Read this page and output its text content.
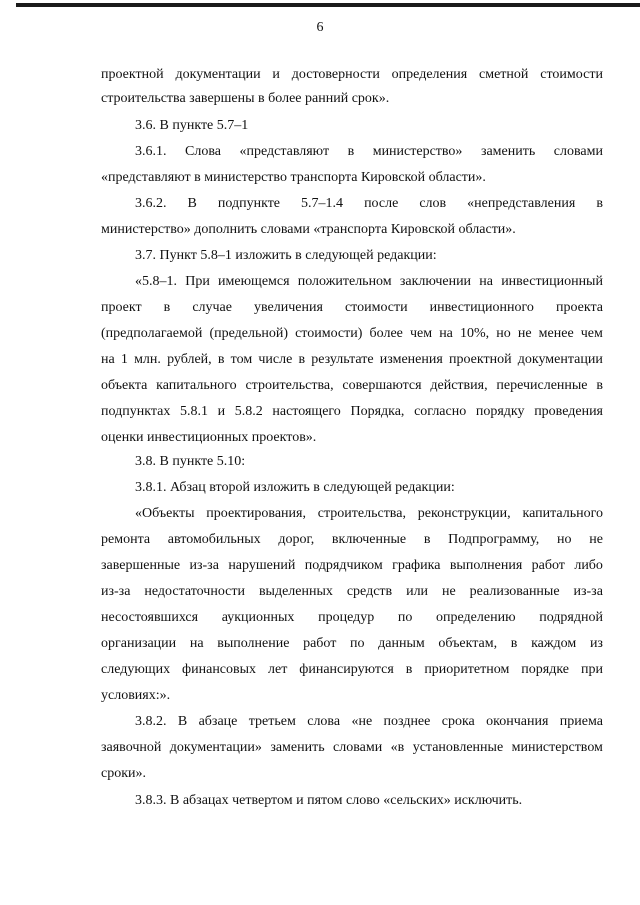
6
проектной документации и достоверности определения сметной стоимости
строительства завершены в более ранний срок».
3.6. В пункте 5.7–1
3.6.1. Слова «представляют в министерство» заменить словами
«представляют в министерство транспорта Кировской области».
3.6.2. В подпункте 5.7–1.4 после слов «непредставления в
министерство» дополнить словами «транспорта Кировской области».
3.7. Пункт 5.8–1 изложить в следующей редакции:
«5.8–1. При имеющемся положительном заключении на инвестиционный
проект в случае увеличения стоимости инвестиционного проекта
(предполагаемой (предельной) стоимости) более чем на 10%, но не менее чем
на 1 млн. рублей, в том числе в результате изменения проектной документации
объекта капитального строительства, совершаются действия, перечисленные в
подпунктах 5.8.1 и 5.8.2 настоящего Порядка, согласно порядку проведения
оценки инвестиционных проектов».
3.8. В пункте 5.10:
3.8.1. Абзац второй изложить в следующей редакции:
«Объекты проектирования, строительства, реконструкции, капитального
ремонта автомобильных дорог, включенные в Подпрограмму, но не
завершенные из-за нарушений подрядчиком графика выполнения работ либо
из-за недостаточности выделенных средств или не реализованные из-за
несостоявшихся аукционных процедур по определению подрядной
организации на выполнение работ по данным объектам, в каждом из
следующих финансовых лет финансируются в приоритетном порядке при
условиях:».
3.8.2. В абзаце третьем слова «не позднее срока окончания приема
заявочной документации» заменить словами «в установленные министерством
сроки».
3.8.3. В абзацах четвертом и пятом слово «сельских» исключить.
